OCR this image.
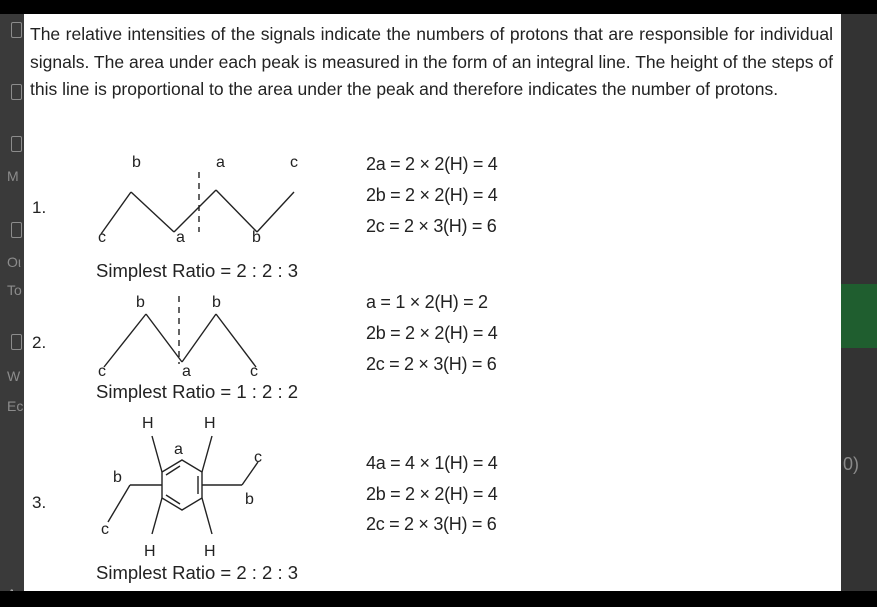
M
Oι
To
W
Ec
0)
The relative intensities of the signals indicate the numbers of protons that are responsible for individual signals. The area under each peak is measured in the form of an integral line. The height of the steps of this line is proportional to the area under the peak and therefore indicates the number of protons.
1.
b	a	c
c	a	b
2a = 2 × 2(H) = 4
2b = 2 × 2(H) = 4
2c = 2 × 3(H) = 6
Simplest Ratio = 2 : 2 : 3
2.
b	b
c	a	c
a = 1 × 2(H) = 2
2b = 2 × 2(H) = 4
2c = 2 × 3(H) = 6
Simplest Ratio = 1 : 2 : 2
3.
H	H
a	c
b
b
c
H	H
4a = 4 × 1(H) = 4
2b = 2 × 2(H) = 4
2c = 2 × 3(H) = 6
Simplest Ratio = 2 : 2 : 3
